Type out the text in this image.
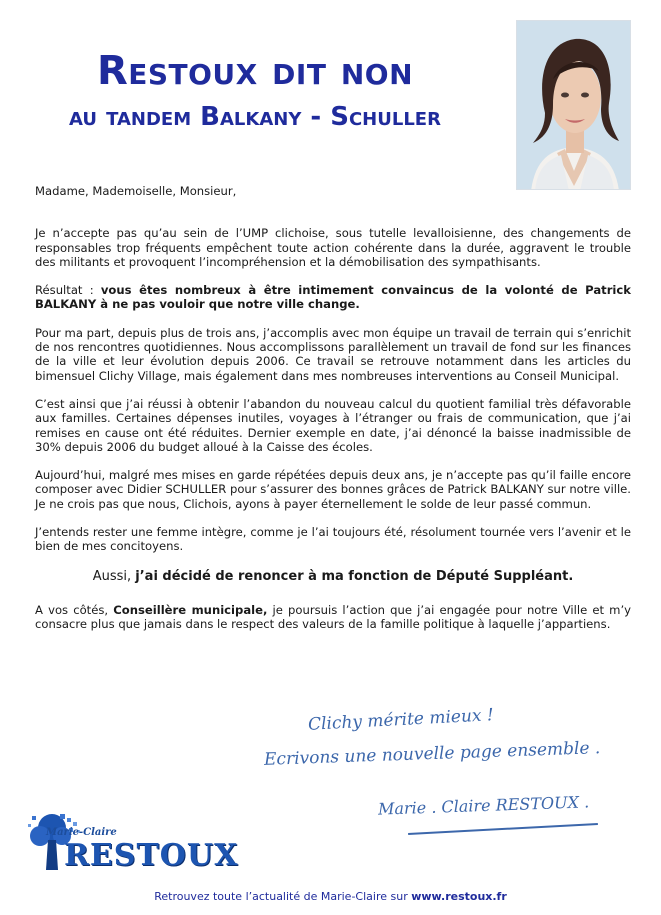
Restoux dit non
au tandem Balkany - Schuller

Madame, Mademoiselle, Monsieur,

Je n’accepte pas qu’au sein de l’UMP clichoise, sous tutelle levalloisienne, des changements de responsables trop fréquents empêchent toute action cohérente dans la durée, aggravent le trouble des militants et provoquent l’incompréhension et la démobilisation des sympathisants.

Résultat : vous êtes nombreux à être intimement convaincus de la volonté de Patrick BALKANY à ne pas vouloir que notre ville change.

Pour ma part, depuis plus de trois ans, j’accomplis avec mon équipe un travail de terrain qui s’enrichit de nos rencontres quotidiennes. Nous accomplissons parallèlement un travail de fond sur les finances de la ville et leur évolution depuis 2006. Ce travail se retrouve notamment dans les articles du bimensuel Clichy Village, mais également dans mes nombreuses interventions au Conseil Municipal.

C’est ainsi que j’ai réussi à obtenir l’abandon du nouveau calcul du quotient familial très défavorable aux familles. Certaines dépenses inutiles, voyages à l’étranger ou frais de communication, que j’ai remises en cause ont été réduites. Dernier exemple en date, j’ai dénoncé la baisse inadmissible de 30% depuis 2006 du budget alloué à la Caisse des écoles.

Aujourd’hui, malgré mes mises en garde répétées depuis deux ans, je n’accepte pas qu’il faille encore composer avec Didier SCHULLER pour s’assurer des bonnes grâces de Patrick BALKANY sur notre ville. Je ne crois pas que nous, Clichois, ayons à payer éternellement le solde de leur passé commun.

J’entends rester une femme intègre, comme je l’ai toujours été, résolument tournée vers l’avenir et le bien de mes concitoyens.

Aussi, j’ai décidé de renoncer à ma fonction de Député Suppléant.

A vos côtés, Conseillère municipale, je poursuis l’action que j’ai engagée pour notre Ville et m’y consacre plus que jamais dans le respect des valeurs de la famille politique à laquelle j’appartiens.

Clichy mérite mieux !
Ecrivons une nouvelle page ensemble .
Marie . Claire RESTOUX .
Marie-Claire
RESTOUX
Retrouvez toute l’actualité de Marie-Claire sur www.restoux.fr
